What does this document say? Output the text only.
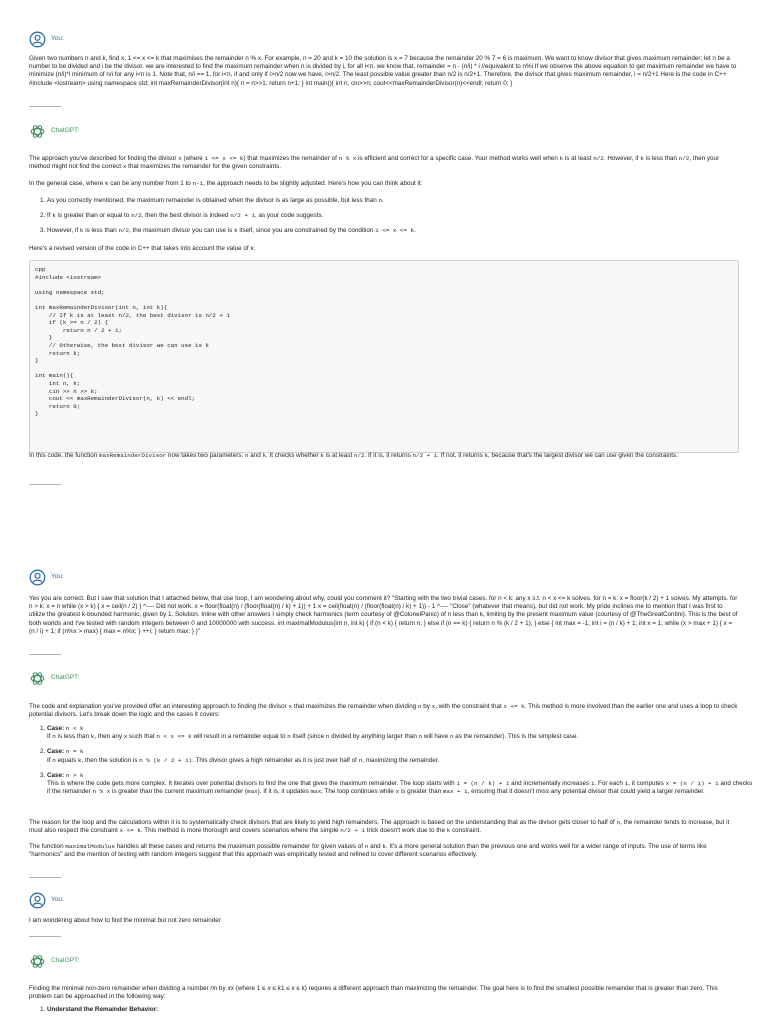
You:

Given two numbers n and k, find x, 1 <= x <= k that maximises the remainder n % x. For example, n = 20 and k = 10 the solution is x = 7 because the remainder 20 % 7 = 6 is maximum. We want to know divisor that gives maximum remainder; let n be a number to be divided and i be the divisor. we are interested to find the maximum remainder when n is divided by i, for all i<n. we know that, remainder = n - (n/i) * i //equivalent to n%i If we observe the above equation to get maximum remainder we have to minimize (n/i)*i minimum of n/i for any i<n is 1. Note that, n/i == 1, for i<n, if and only if i>n/2 now we have, i>n/2. The least possible value greater than n/2 is n/2+1. Therefore, the divisor that gives maximum remainder, i = n/2+1 Here is the code in C++ #include <iostream> using namespace std; int maxRemainderDivisor(int n){ n = n>>1; return n+1; } int main(){ int n; cin>>n; cout<<maxRemainderDivisor(n)<<endl; return 0; }

----------------
ChatGPT:

The approach you've described for finding the divisor x (where 1 <= x <= k) that maximizes the remainder of n % x is efficient and correct for a specific case. Your method works well when k is at least n/2. However, if k is less than n/2, then your method might not find the correct x that maximizes the remainder for the given constraints.

In the general case, where k can be any number from 1 to n-1, the approach needs to be slightly adjusted. Here's how you can think about it:

1. As you correctly mentioned, the maximum remainder is obtained when the divisor is as large as possible, but less than n.
2. If k is greater than or equal to n/2, then the best divisor is indeed n/2 + 1, as your code suggests.
3. However, if k is less than n/2, the maximum divisor you can use is k itself, since you are constrained by the condition 1 <= x <= k.

Here's a revised version of the code in C++ that takes into account the value of k:

cpp
#include <iostream>

using namespace std;

int maxRemainderDivisor(int n, int k){
// If k is at least n/2, the best divisor is n/2 + 1
if (k >= n / 2) {
return n / 2 + 1;
}
// Otherwise, the best divisor we can use is k
return k;
}

int main(){
int n, k;
cin >> n >> k;
cout << maxRemainderDivisor(n, k) << endl;
return 0;
}

In this code, the function maxRemainderDivisor now takes two parameters: n and k. It checks whether k is at least n/2. If it is, it returns n/2 + 1. If not, it returns k, because that's the largest divisor we can use given the constraints.

----------------
You:

Yes you are correct. But I saw that solution that I attached below, that use loop, I am wondering about why, could you comment it? "Starting with the two trivial cases. for n < k: any x s.t. n < x <= k solves. for n = k: x = floor(k / 2) + 1 solves. My attempts. for n > k: x = n while (x > k) { x = ceil(n / 2) } ^---- Did not work. x = floor(float(n) / (floor(float(n) / k) + 1)) + 1 x = ceil(float(n) / (floor(float(n) / k) + 1)) - 1 ^---- "Close" (whatever that means), but did not work. My pride inclines me to mention that I was first to utilize the greatest k-bounded harmonic, given by 1. Solution. Inline with other answers I simply check harmonics (term courtesy of @ColonelPanic) of n less than k, limiting by the present maximum value (courtesy of @TheGreatContini). This is the best of both worlds and I've tested with random integers between 0 and 10000000 with success. int maximalModulus(int n, int k) { if (n < k) { return n; } else if (n == k) { return n % (k / 2 + 1); } else { int max = -1; int i = (n / k) + 1; int x = 1; while (x > max + 1) { x = (n / i) + 1; if (n%x > max) { max = n%x; } ++i; } return max; } }"

----------------
ChatGPT:

The code and explanation you've provided offer an interesting approach to finding the divisor x that maximizes the remainder when dividing n by x, with the constraint that x <= k. This method is more involved than the earlier one and uses a loop to check potential divisors. Let's break down the logic and the cases it covers:

1. Case: n < k
If n is less than k, then any x such that n < x <= k will result in a remainder equal to n itself (since n divided by anything larger than n will have n as the remainder). This is the simplest case.
2. Case: n = k
If n equals k, then the solution is n % (k / 2 + 1). This divisor gives a high remainder as it is just over half of n, maximizing the remainder.
3. Case: n > k
This is where the code gets more complex. It iterates over potential divisors to find the one that gives the maximum remainder. The loop starts with i = (n / k) + 1 and incrementally increases i. For each i, it computes x = (n / i) + 1 and checks if the remainder n % x is greater than the current maximum remainder (max). If it is, it updates max. The loop continues while x is greater than max + 1, ensuring that it doesn't miss any potential divisor that could yield a larger remainder.

The reason for the loop and the calculations within it is to systematically check divisors that are likely to yield high remainders. The approach is based on the understanding that as the divisor gets closer to half of n, the remainder tends to increase, but it must also respect the constraint x <= k. This method is more thorough and covers scenarios where the simple n/2 + 1 trick doesn't work due to the k constraint.

The function maximalModulus handles all these cases and returns the maximum possible remainder for given values of n and k. It's a more general solution than the previous one and works well for a wider range of inputs. The use of terms like "harmonics" and the mention of testing with random integers suggest that this approach was empirically tested and refined to cover different scenarios effectively.

----------------
You:

I am wondering about how to find the minimal but not zero remainder

----------------
ChatGPT:

Finding the minimal non-zero remainder when dividing a number 𝑛n by 𝑥x (where 1 ≤ 𝑥 ≤ 𝑘1 ≤ x ≤ k) requires a different approach than maximizing the remainder. The goal here is to find the smallest possible remainder that is greater than zero. This problem can be approached in the following way:

1. Understand the Remainder Behavior:
